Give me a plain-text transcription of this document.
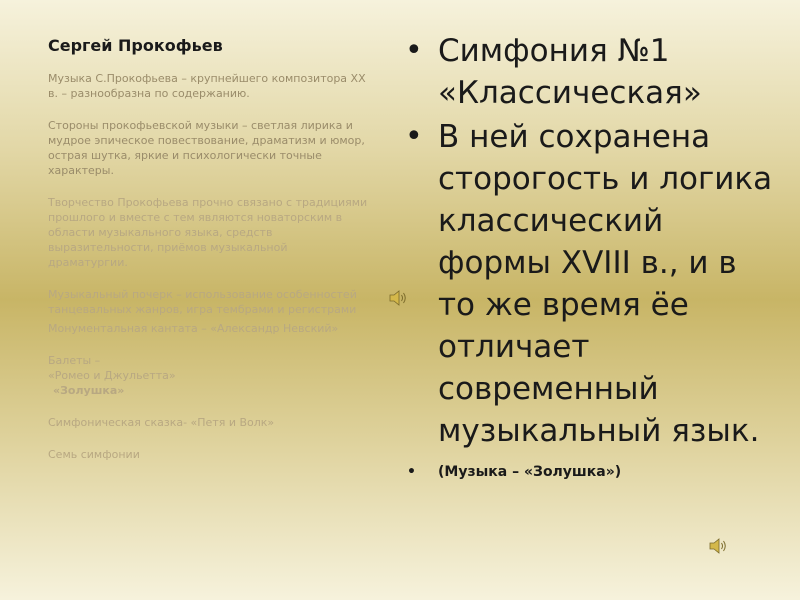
Сергей Прокофьев

Музыка С.Прокофьева – крупнейшего композитора XX в. – разнообразна по содержанию.

Стороны прокофьевской музыки – светлая лирика и мудрое эпическое повествование, драматизм и юмор, острая шутка, яркие и психологически точные характеры.

Творчество Прокофьева прочно связано с традициями прошлого и вместе с тем являются новаторским в области музыкального языка, средств выразительности, приёмов музыкальной драматургии.

Музыкальный почерк – использование особенностей танцевальных жанров, игра тембрами и регистрами

Монументальная кантата – «Александр Невский»

Балеты –

«Ромео и Джульетта»

«Золушка»

Симфоническая сказка- «Петя и Волк»

Семь симфонии

• Симфония №1 «Классическая»
• В ней сохранена сторогость и логика классический формы XVIII в., и в то же время ёе отличает современный музыкальный язык.
• (Музыка – «Золушка»)
